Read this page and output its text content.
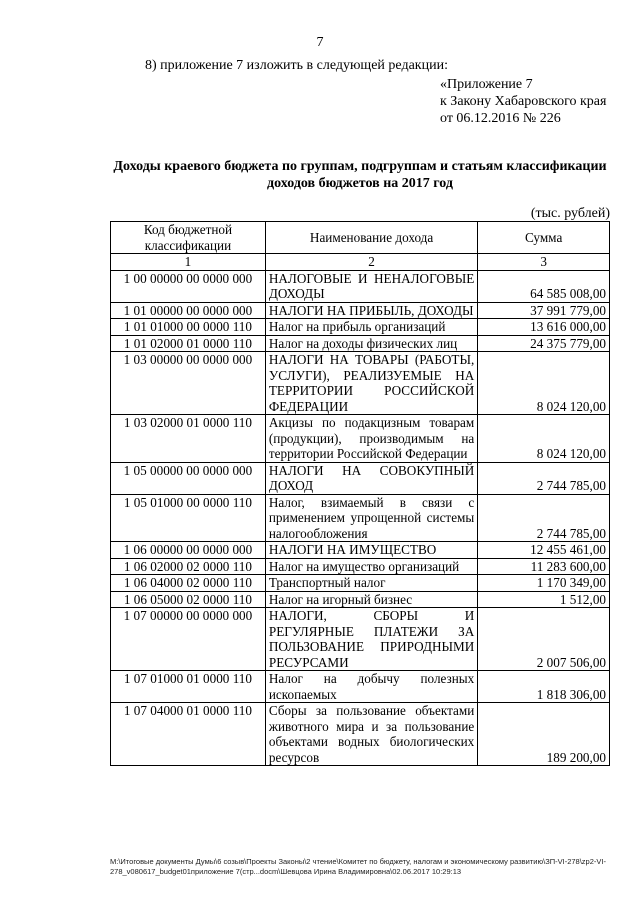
7
8) приложение 7 изложить в следующей редакции:
«Приложение 7
к Закону Хабаровского края
от 06.12.2016 № 226
Доходы краевого бюджета по группам, подгруппам и статьям классификации доходов бюджетов на 2017 год
(тыс. рублей)
Код бюджетной классификации	Наименование дохода	Сумма
1	2	3
1 00 00000 00 0000 000	НАЛОГОВЫЕ И НЕНАЛОГОВЫЕ ДОХОДЫ	64 585 008,00
1 01 00000 00 0000 000	НАЛОГИ НА ПРИБЫЛЬ, ДОХОДЫ	37 991 779,00
1 01 01000 00 0000 110	Налог на прибыль организаций	13 616 000,00
1 01 02000 01 0000 110	Налог на доходы физических лиц	24 375 779,00
1 03 00000 00 0000 000	НАЛОГИ НА ТОВАРЫ (РАБОТЫ, УСЛУГИ), РЕАЛИЗУЕМЫЕ НА ТЕРРИТОРИИ РОССИЙСКОЙ ФЕДЕРАЦИИ	8 024 120,00
1 03 02000 01 0000 110	Акцизы по подакцизным товарам (продукции), производимым на территории Российской Федерации	8 024 120,00
1 05 00000 00 0000 000	НАЛОГИ НА СОВОКУПНЫЙ ДОХОД	2 744 785,00
1 05 01000 00 0000 110	Налог, взимаемый в связи с применением упрощенной системы налогообложения	2 744 785,00
1 06 00000 00 0000 000	НАЛОГИ НА ИМУЩЕСТВО	12 455 461,00
1 06 02000 02 0000 110	Налог на имущество организаций	11 283 600,00
1 06 04000 02 0000 110	Транспортный налог	1 170 349,00
1 06 05000 02 0000 110	Налог на игорный бизнес	1 512,00
1 07 00000 00 0000 000	НАЛОГИ, СБОРЫ И РЕГУЛЯРНЫЕ ПЛАТЕЖИ ЗА ПОЛЬЗОВАНИЕ ПРИРОДНЫМИ РЕСУРСАМИ	2 007 506,00
1 07 01000 01 0000 110	Налог на добычу полезных ископаемых	1 818 306,00
1 07 04000 01 0000 110	Сборы за пользование объектами животного мира и за пользование объектами водных биологических ресурсов	189 200,00
M:\Итоговые документы Думы\6 созыв\Проекты Законы\2 чтение\Комитет по бюджету, налогам и экономическому развитию\ЗП-VI-278\zp2-VI-278_v080617_budget01приложение 7(стр...docm\Шевцова Ирина Владимировна\02.06.2017 10:29:13
